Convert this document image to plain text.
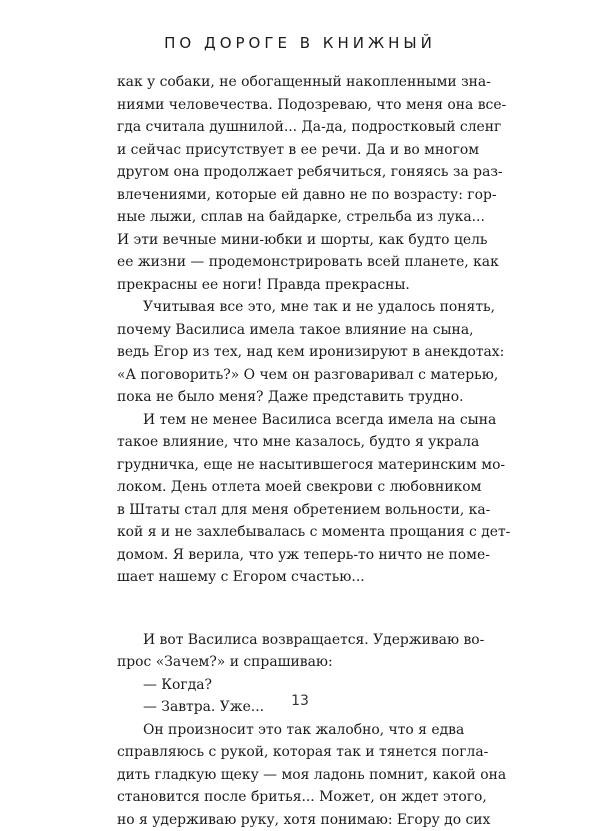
ПО ДОРОГЕ В КНИЖНЫЙ
как у собаки, не обогащенный накопленными зна-
ниями человечества. Подозреваю, что меня она все-
гда считала душнилой... Да-да, подростковый сленг
и сейчас присутствует в ее речи. Да и во многом
другом она продолжает ребячиться, гоняясь за раз-
влечениями, которые ей давно не по возрасту: гор-
ные лыжи, сплав на байдарке, стрельба из лука...
И эти вечные мини-юбки и шорты, как будто цель
ее жизни — продемонстрировать всей планете, как
прекрасны ее ноги! Правда прекрасны.
Учитывая все это, мне так и не удалось понять,
почему Василиса имела такое влияние на сына,
ведь Егор из тех, над кем иронизируют в анекдотах:
«А поговорить?» О чем он разговаривал с матерью,
пока не было меня? Даже представить трудно.
И тем не менее Василиса всегда имела на сына
такое влияние, что мне казалось, будто я украла
грудничка, еще не насытившегося материнским мо-
локом. День отлета моей свекрови с любовником
в Штаты стал для меня обретением вольности, ка-
кой я и не захлебывалась с момента прощания с дет-
домом. Я верила, что уж теперь-то ничто не поме-
шает нашему с Егором счастью...
И вот Василиса возвращается. Удерживаю во-
прос «Зачем?» и спрашиваю:
— Когда?
— Завтра. Уже...
Он произносит это так жалобно, что я едва
справляюсь с рукой, которая так и тянется погла-
дить гладкую щеку — моя ладонь помнит, какой она
становится после бритья... Может, он ждет этого,
но я удерживаю руку, хотя понимаю: Егору до сих
13
